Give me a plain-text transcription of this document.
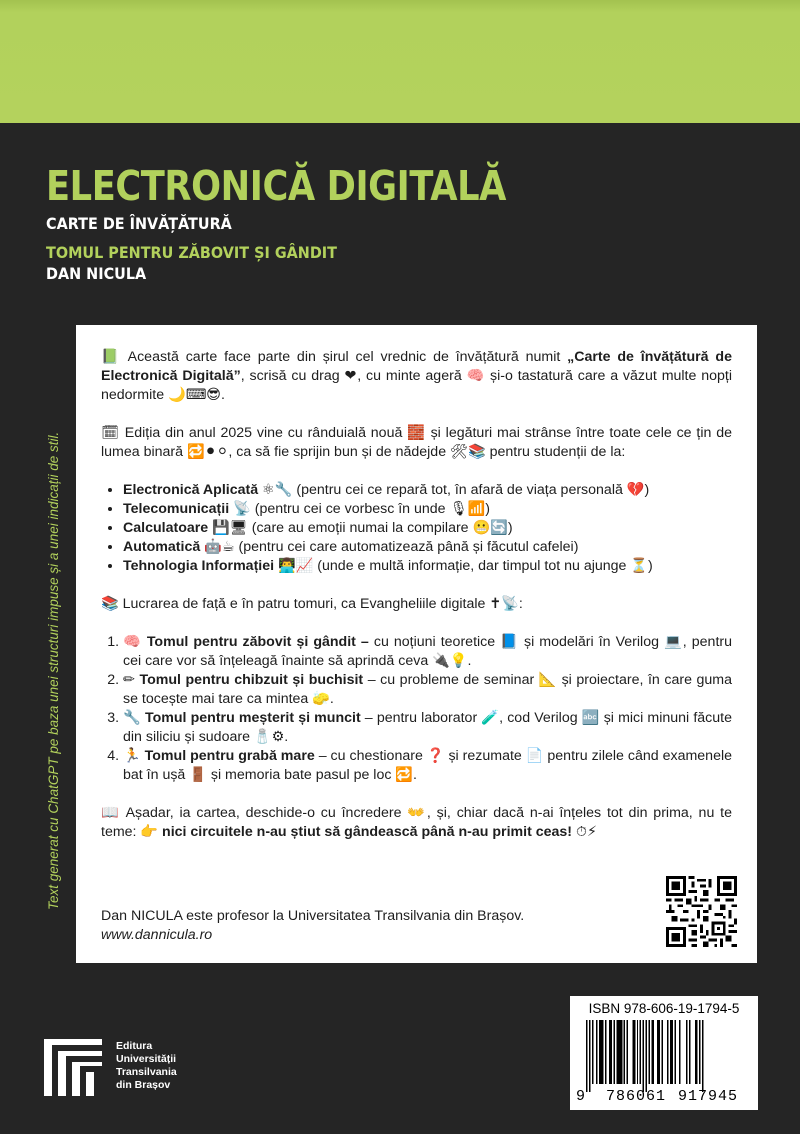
ELECTRONICĂ DIGITALĂ
CARTE DE ÎNVĂȚĂTURĂ
TOMUL PENTRU ZĂBOVIT ȘI GÂNDIT
DAN NICULA
Text generat cu ChatGPT pe baza unei structuri impuse și a unei indicații de stil.

📗 Această carte face parte din șirul cel vrednic de învățătură numit „Carte de învățătură de Electronică Digitală”, scrisă cu drag ❤, cu minte ageră 🧠 și-o tastatură care a văzut multe nopți nedormite 🌙⌨😎.

🗓 Ediția din anul 2025 vine cu rânduială nouă 🧱 și legături mai strânse între toate cele ce țin de lumea binară 🔁⚫⚪, ca să fie sprijin bun și de nădejde 🛠📚 pentru studenții de la:

• Electronică Aplicată ⚛🔧 (pentru cei ce repară tot, în afară de viața personală 💔)
• Telecomunicații 📡 (pentru cei ce vorbesc în unde 🎙📶)
• Calculatoare 💾🖥 (care au emoții numai la compilare 😬🔄)
• Automatică 🤖☕ (pentru cei care automatizează până și făcutul cafelei)
• Tehnologia Informației 👨‍💻📈 (unde e multă informație, dar timpul tot nu ajunge ⏳)

📚 Lucrarea de față e în patru tomuri, ca Evangheliile digitale ✝📡:

1. 🧠 Tomul pentru zăbovit și gândit – cu noțiuni teoretice 📘 și modelări în Verilog 💻, pentru cei care vor să înțeleagă înainte să aprindă ceva 🔌💡.
2. ✏ Tomul pentru chibzuit și buchisit – cu probleme de seminar 📐 și proiectare, în care guma se tocește mai tare ca mintea 🧽.
3. 🔧 Tomul pentru meșterit și muncit – pentru laborator 🧪, cod Verilog 🔤 și mici minuni făcute din siliciu și sudoare 🧂⚙.
4. 🏃 Tomul pentru grabă mare – cu chestionare ❓ și rezumate 📄 pentru zilele când examenele bat în ușă 🚪 și memoria bate pasul pe loc 🔁.

📖 Așadar, ia cartea, deschide-o cu încredere 👐, și, chiar dacă n-ai înțeles tot din prima, nu te teme: 👉 nici circuitele n-au știut să gândească până n-au primit ceas! ⏱⚡

Dan NICULA este profesor la Universitatea Transilvania din Brașov.
www.dannicula.ro
ISBN 978-606-19-1794-5
9 786061 917945
Editura
Universității
Transilvania
din Brașov
